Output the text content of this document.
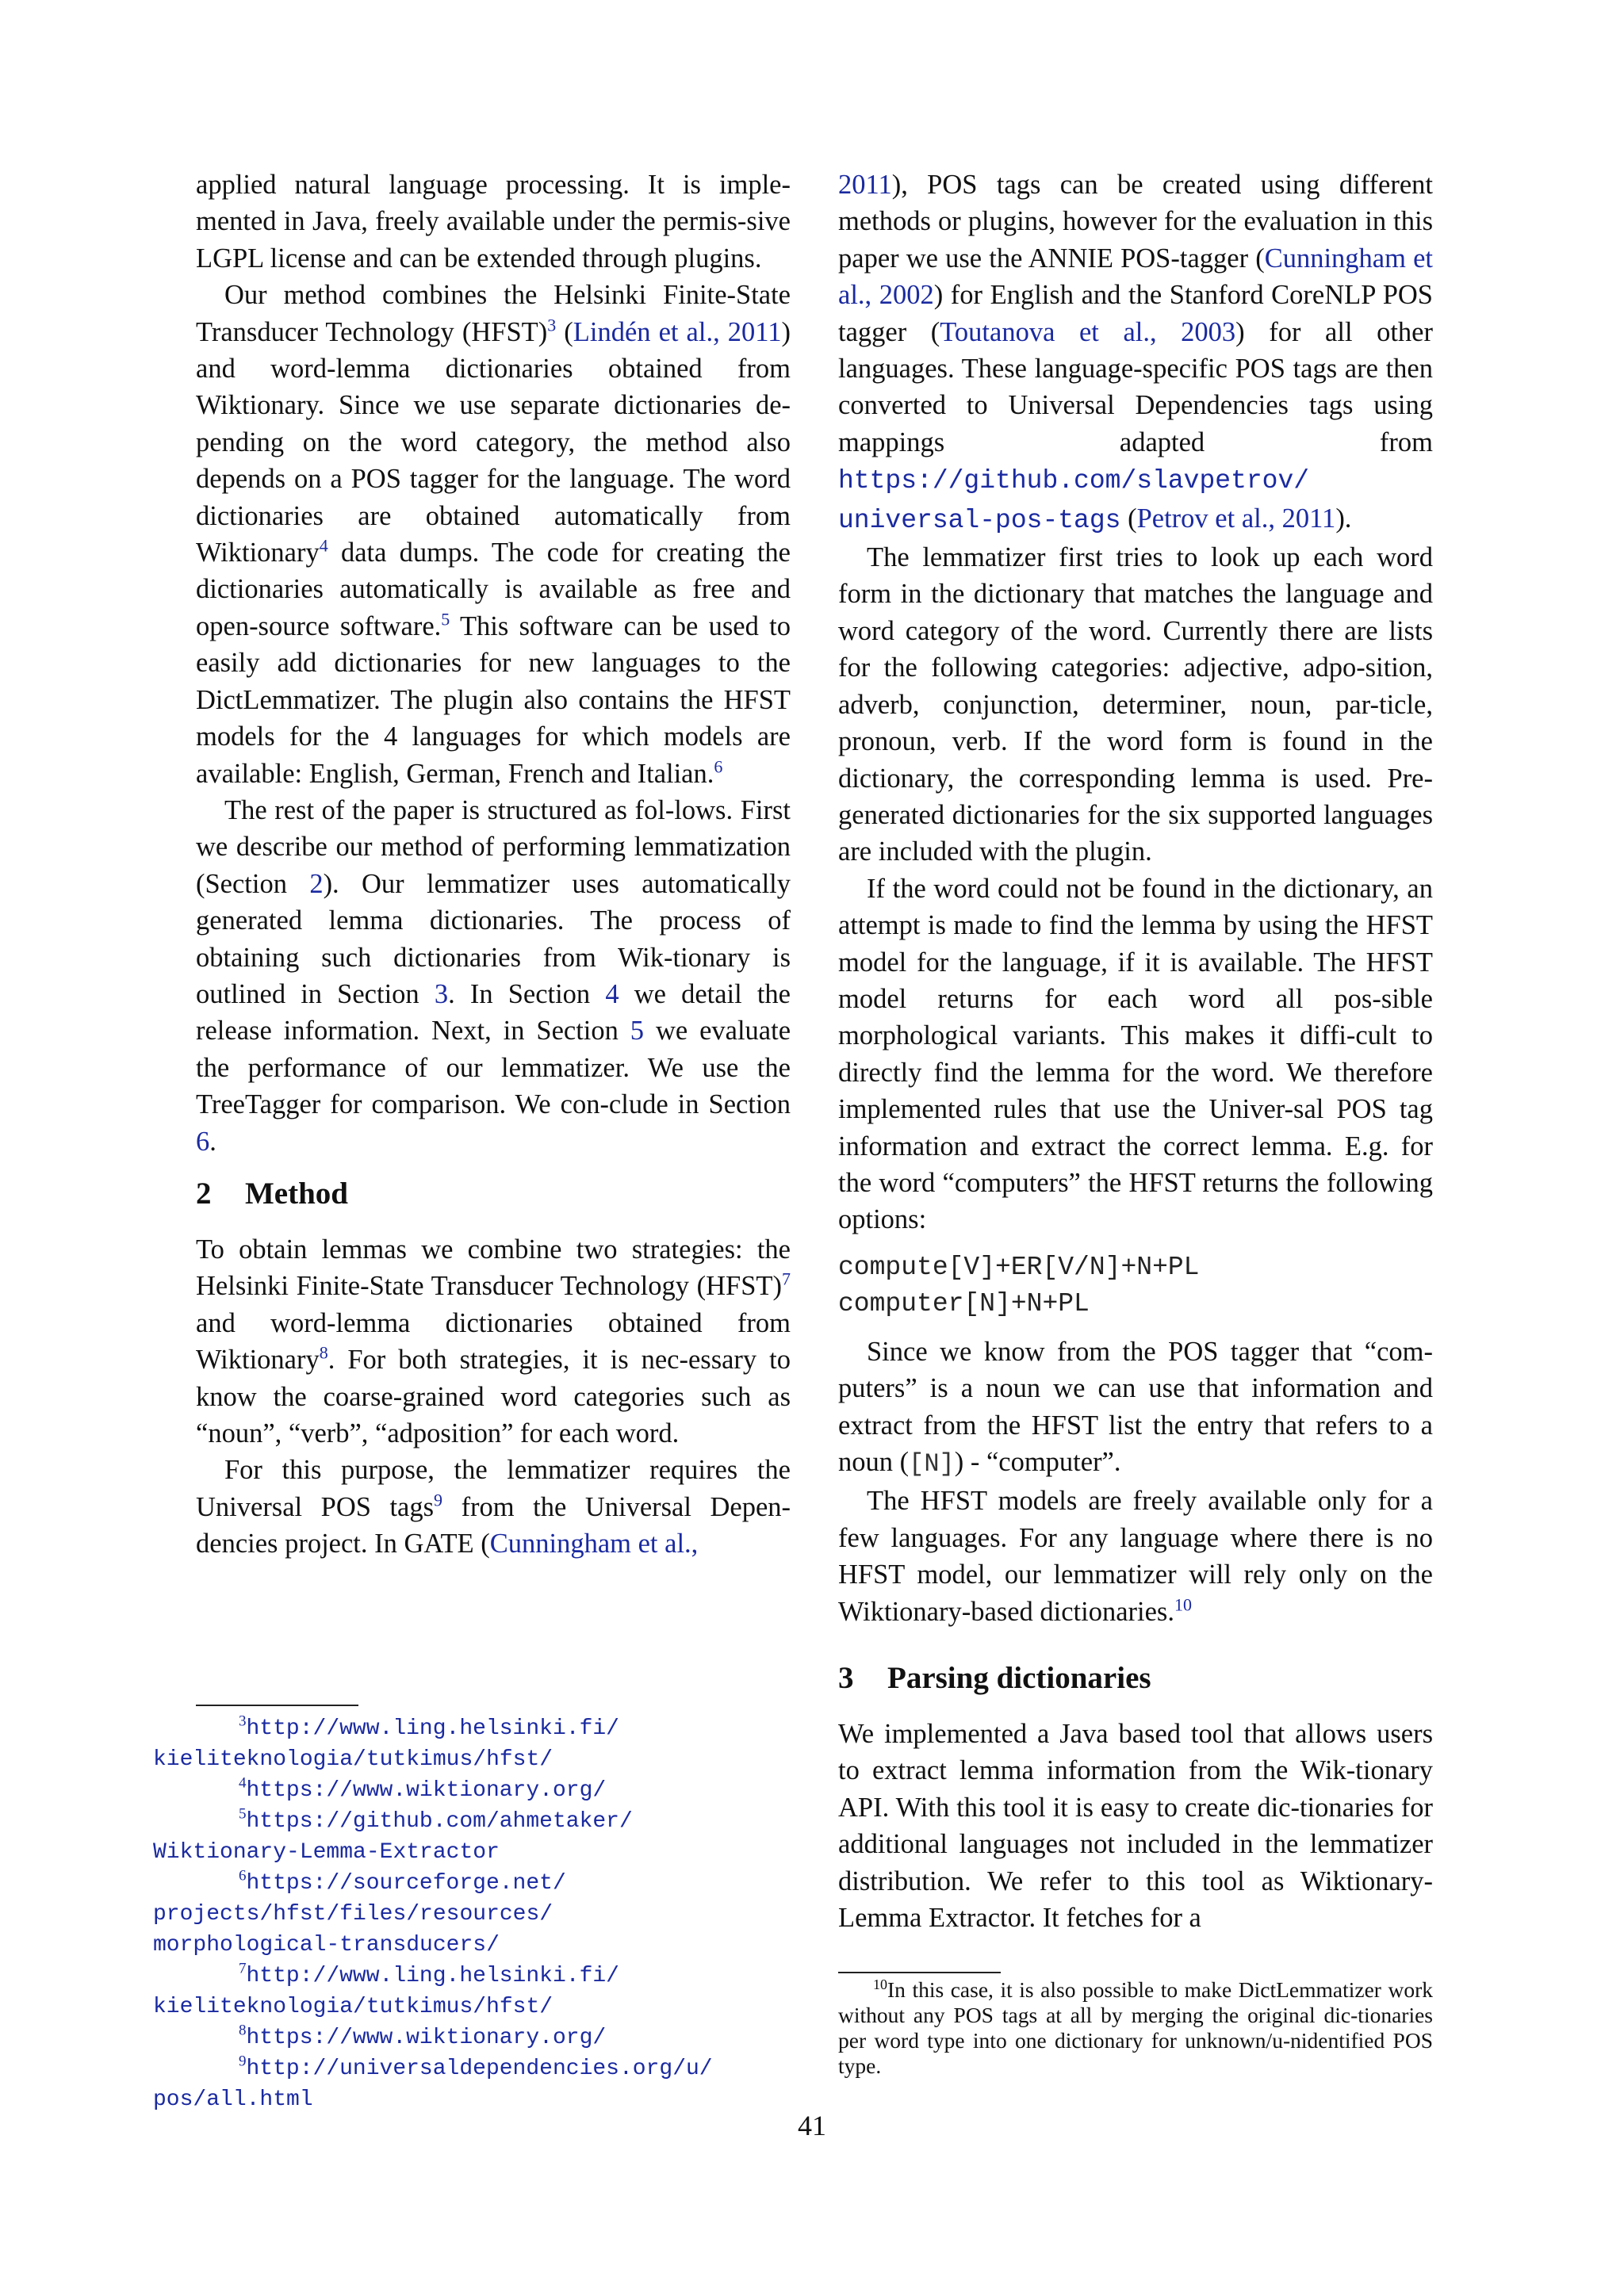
applied natural language processing. It is imple-mented in Java, freely available under the permis-sive LGPL license and can be extended through plugins.

Our method combines the Helsinki Finite-State Transducer Technology (HFST)$^3$ (Lindén et al., 2011) and word-lemma dictionaries obtained from Wiktionary. Since we use separate dictionaries de-pending on the word category, the method also depends on a POS tagger for the language. The word dictionaries are obtained automatically from Wiktionary$^4$ data dumps. The code for creating the dictionaries automatically is available as free and open-source software.$^5$ This software can be used to easily add dictionaries for new languages to the DictLemmatizer. The plugin also contains the HFST models for the 4 languages for which models are available: English, German, French and Italian.$^6$

The rest of the paper is structured as fol-lows. First we describe our method of performing lemmatization (Section 2). Our lemmatizer uses automatically generated lemma dictionaries. The process of obtaining such dictionaries from Wik-tionary is outlined in Section 3. In Section 4 we detail the release information. Next, in Section 5 we evaluate the performance of our lemmatizer. We use the TreeTagger for comparison. We con-clude in Section 6.

2 Method

To obtain lemmas we combine two strategies: the Helsinki Finite-State Transducer Technology (HFST)$^7$ and word-lemma dictionaries obtained from Wiktionary$^8$. For both strategies, it is nec-essary to know the coarse-grained word categories such as “noun”, “verb”, “adposition” for each word.

For this purpose, the lemmatizer requires the Universal POS tags$^9$ from the Universal Depen-dencies project. In GATE (Cunningham et al.,

$^3$http://www.ling.helsinki.fi/
kieliteknologia/tutkimus/hfst/
$^4$https://www.wiktionary.org/
$^5$https://github.com/ahmetaker/
Wiktionary-Lemma-Extractor
$^6$https://sourceforge.net/
projects/hfst/files/resources/
morphological-transducers/
$^7$http://www.ling.helsinki.fi/
kieliteknologia/tutkimus/hfst/
$^8$https://www.wiktionary.org/
$^9$http://universaldependencies.org/u/
pos/all.html

2011), POS tags can be created using different methods or plugins, however for the evaluation in this paper we use the ANNIE POS-tagger (Cunningham et al., 2002) for English and the Stanford CoreNLP POS tagger (Toutanova et al., 2003) for all other languages. These language-specific POS tags are then converted to Universal Dependencies tags using mappings adapted from https://github.com/slavpetrov/ universal-pos-tags (Petrov et al., 2011).

The lemmatizer first tries to look up each word form in the dictionary that matches the language and word category of the word. Currently there are lists for the following categories: adjective, adpo-sition, adverb, conjunction, determiner, noun, par-ticle, pronoun, verb. If the word form is found in the dictionary, the corresponding lemma is used. Pre-generated dictionaries for the six supported languages are included with the plugin.

If the word could not be found in the dictionary, an attempt is made to find the lemma by using the HFST model for the language, if it is available. The HFST model returns for each word all pos-sible morphological variants. This makes it diffi-cult to directly find the lemma for the word. We therefore implemented rules that use the Univer-sal POS tag information and extract the correct lemma. E.g. for the word “computers” the HFST returns the following options:

compute[V]+ER[V/N]+N+PL
computer[N]+N+PL

Since we know from the POS tagger that “com-puters” is a noun we can use that information and extract from the HFST list the entry that refers to a noun ([N]) - “computer”.

The HFST models are freely available only for a few languages. For any language where there is no HFST model, our lemmatizer will rely only on the Wiktionary-based dictionaries.$^{10}$

3 Parsing dictionaries

We implemented a Java based tool that allows users to extract lemma information from the Wik-tionary API. With this tool it is easy to create dic-tionaries for additional languages not included in the lemmatizer distribution. We refer to this tool as Wiktionary-Lemma Extractor. It fetches for a

$^{10}$In this case, it is also possible to make DictLemmatizer work without any POS tags at all by merging the original dic-tionaries per word type into one dictionary for unknown/u-nidentified POS type.

41
